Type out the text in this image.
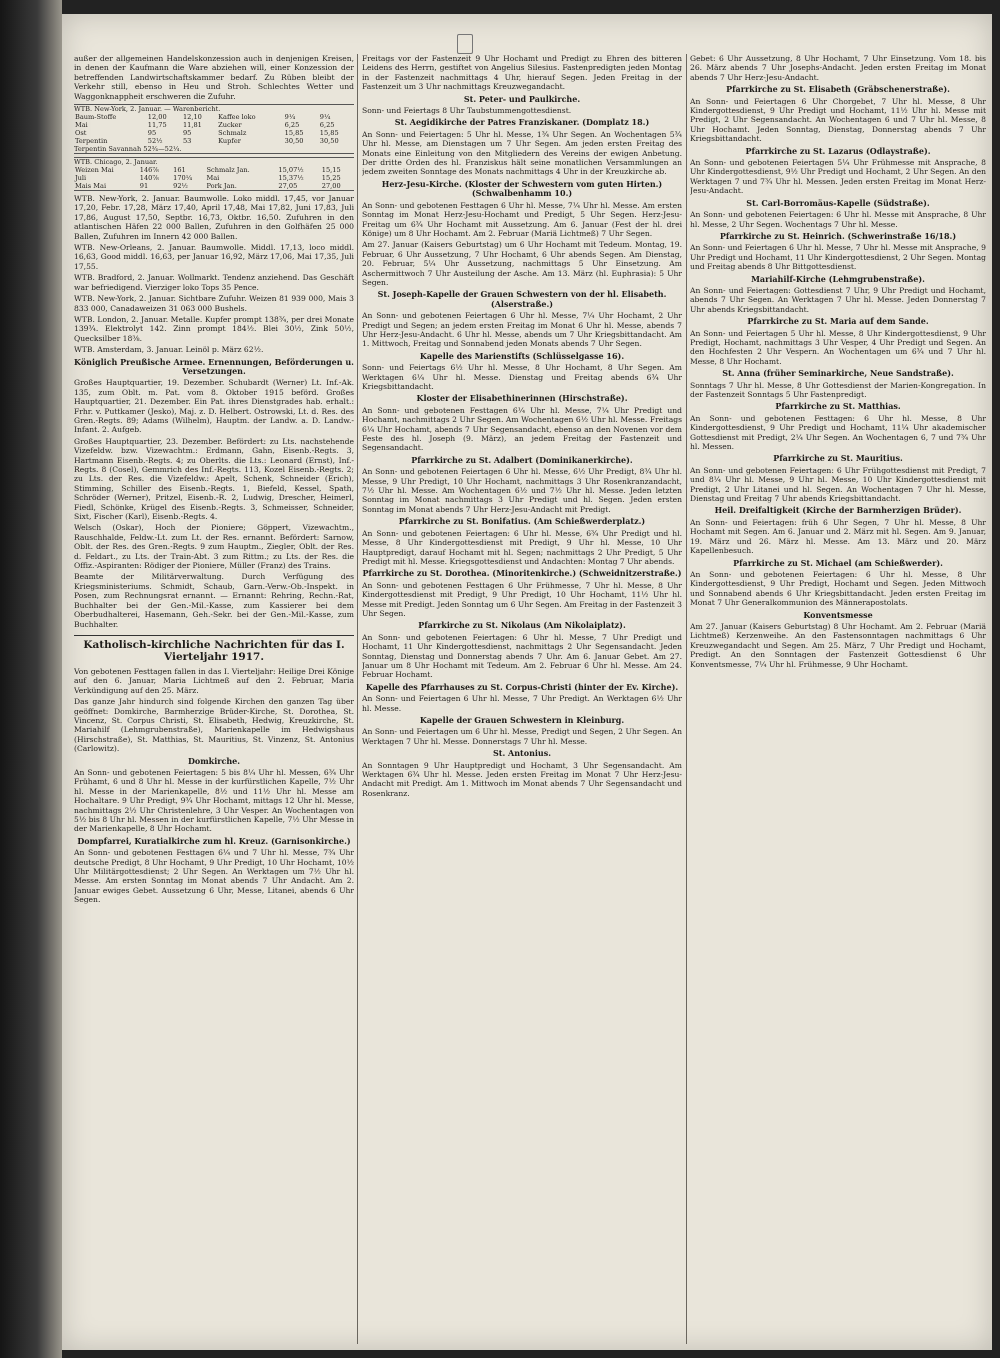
außer der allgemeinen Handelskonzession auch in denjenigen Kreisen, in denen der Kaufmann die Ware abziehen will, einer Konzession der betreffenden Landwirtschaftskammer bedarf. Zu Rüben bleibt der Verkehr still, ebenso in Heu und Stroh. Schlechtes Wetter und Waggonknappheit erschweren die Zufuhr.

WTB. New-York, 2. Januar. — Warenbericht.
Baum-Stoffe	12,00	12,10	Kaffee loko	9¼	9¼
Mai	11,75	11,81	Zucker	6,25	6,25
Ost	95	95	Schmalz	15,85	15,85
Terpentin	52½	53	Kupfer	30,50	30,50
Terpentin Savannah 52¾—52¼.
WTB. Chicago, 2. Januar.
Weizen Mai	146⅞	161	Schmalz Jan.	15,07½	15,15
Juli	140⅞	170¼	Mai	15,37½	15,25
Mais Mai	91	92½	Pork Jan.	27,05	27,00

WTB. New-York, 2. Januar. Baumwolle. Loko middl. 17,45, vor Januar 17,20, Febr. 17,28, März 17,40, April 17,48, Mai 17,82, Juni 17,83, Juli 17,86, August 17,50, Septbr. 16,73, Oktbr. 16,50. Zufuhren in den atlantischen Häfen 22 000 Ballen, Zufuhren in den Golfhäfen 25 000 Ballen, Zufuhren im Innern 42 000 Ballen.

WTB. New-Orleans, 2. Januar. Baumwolle. Middl. 17,13, loco middl. 16,63, Good middl. 16,63, per Januar 16,92, März 17,06, Mai 17,35, Juli 17,55.

WTB. Bradford, 2. Januar. Wollmarkt. Tendenz anziehend. Das Geschäft war befriedigend. Vierziger loko Tops 35 Pence.

WTB. New-York, 2. Januar. Sichtbare Zufuhr. Weizen 81 939 000, Mais 3 833 000, Canadaweizen 31 063 000 Bushels.

WTB. London, 2. Januar. Metalle. Kupfer prompt 138¾, per drei Monate 139¾. Elektrolyt 142. Zinn prompt 184½. Blei 30½, Zink 50½, Quecksilber 18⅜.

WTB. Amsterdam, 3. Januar. Leinöl p. März 62½.

Königlich Preußische Armee. Ernennungen, Beförderungen u. Versetzungen.

Großes Hauptquartier, 19. Dezember. Schubardt (Werner) Lt. Inf.-Ak. 135, zum Oblt. m. Pat. vom 8. Oktober 1915 beförd. Großes Hauptquartier, 21. Dezember. Ein Pat. ihres Dienstgrades hab. erhalt.: Frhr. v. Puttkamer (Jesko), Maj. z. D. Helbert. Ostrowski, Lt. d. Res. des Gren.-Regts. 89; Adams (Wilhelm), Hauptm. der Landw. a. D. Landw.-Infant. 2. Aufgeb.

Großes Hauptquartier, 23. Dezember. Befördert: zu Lts. nachstehende Vizefeldw. bzw. Vizewachtm.: Erdmann, Gahn, Eisenb.-Regts. 3, Hartmann Eisenb.-Regts. 4; zu Oberlts. die Lts.: Leonard (Ernst), Inf.-Regts. 8 (Cosel), Gemmrich des Inf.-Regts. 113, Kozel Eisenb.-Regts. 2; zu Lts. der Res. die Vizefeldw.: Apelt, Schenk, Schneider (Erich), Stimming, Schiller des Eisenb.-Regts. 1, Biefeld, Kessel, Spath, Schröder (Werner), Pritzel, Eisenb.-R. 2, Ludwig, Drescher, Heimerl, Fiedl, Schönke, Krügel des Eisenb.-Regts. 3, Schmeisser, Schneider, Sixt, Fischer (Karl), Eisenb.-Regts. 4.

Welsch (Oskar), Hoch der Pioniere; Göppert, Vizewachtm., Rauschhalde, Feldw.-Lt. zum Lt. der Res. ernannt. Befördert: Sarnow, Oblt. der Res. des Gren.-Regts. 9 zum Hauptm., Ziegler, Oblt. der Res. d. Feldart., zu Lts. der Train-Abt. 3 zum Rittm.; zu Lts. der Res. die Offiz.-Aspiranten: Rödiger der Pioniere, Müller (Franz) des Trains.

Beamte der Militärverwaltung. Durch Verfügung des Kriegsministeriums. Schmidt, Schaub, Garn.-Verw.-Ob.-Inspekt. in Posen, zum Rechnungsrat ernannt. — Ernannt: Rehring, Rechn.-Rat, Buchhalter bei der Gen.-Mil.-Kasse, zum Kassierer bei dem Oberbudhalterei, Hasemann, Geh.-Sekr. bei der Gen.-Mil.-Kasse, zum Buchhalter.

Katholisch-kirchliche Nachrichten für das I. Vierteljahr 1917.

Von gebotenen Festtagen fallen in das I. Vierteljahr: Heilige Drei Könige auf den 6. Januar, Maria Lichtmeß auf den 2. Februar, Maria Verkündigung auf den 25. März.

Das ganze Jahr hindurch sind folgende Kirchen den ganzen Tag über geöffnet: Domkirche, Barmherzige Brüder-Kirche, St. Dorothea, St. Vincenz, St. Corpus Christi, St. Elisabeth, Hedwig, Kreuzkirche, St. Mariahilf (Lehmgrubenstraße), Marienkapelle im Hedwigshaus (Hirschstraße), St. Matthias, St. Mauritius, St. Vinzenz, St. Antonius (Carlowitz).

Domkirche.

An Sonn- und gebotenen Feiertagen: 5 bis 8¼ Uhr hl. Messen, 6¾ Uhr Frühamt, 6 und 8 Uhr hl. Messe in der kurfürstlichen Kapelle, 7½ Uhr hl. Messe in der Marienkapelle, 8½ und 11½ Uhr hl. Messe am Hochaltare. 9 Uhr Predigt, 9¾ Uhr Hochamt, mittags 12 Uhr hl. Messe, nachmittags 2½ Uhr Christenlehre, 3 Uhr Vesper. An Wochentagen von 5½ bis 8 Uhr hl. Messen in der kurfürstlichen Kapelle, 7½ Uhr Messe in der Marienkapelle, 8 Uhr Hochamt.

Dompfarrei, Kuratialkirche zum hl. Kreuz. (Garnisonkirche.)

An Sonn- und gebotenen Festtagen 6¼ und 7 Uhr hl. Messe, 7¾ Uhr deutsche Predigt, 8 Uhr Hochamt, 9 Uhr Predigt, 10 Uhr Hochamt, 10½ Uhr Militärgottesdienst; 2 Uhr Segen. An Werktagen um 7½ Uhr hl. Messe. Am ersten Sonntag im Monat abends 7 Uhr Andacht. Am 2. Januar ewiges Gebet. Aussetzung 6 Uhr, Messe, Litanei, abends 6 Uhr Segen.

Freitags vor der Fastenzeit 9 Uhr Hochamt und Predigt zu Ehren des bitteren Leidens des Herrn, gestiftet von Angelius Silesius. Fastenpredigten jeden Montag in der Fastenzeit nachmittags 4 Uhr, hierauf Segen. Jeden Freitag in der Fastenzeit um 3 Uhr nachmittags Kreuzwegandacht.

St. Peter- und Paulkirche.

Sonn- und Feiertags 8 Uhr Taubstummengottesdienst.

St. Aegidikirche der Patres Franziskaner. (Domplatz 18.)

An Sonn- und Feiertagen: 5 Uhr hl. Messe, 1¾ Uhr Segen. An Wochentagen 5¾ Uhr hl. Messe, am Dienstagen um 7 Uhr Segen. Am jeden ersten Freitag des Monats eine Einleitung von den Mitgliedern des Vereins der ewigen Anbetung. Der dritte Orden des hl. Franziskus hält seine monatlichen Versammlungen an jedem zweiten Sonntage des Monats nachmittags 4 Uhr in der Kreuzkirche ab.

Herz-Jesu-Kirche. (Kloster der Schwestern vom guten Hirten.) (Schwalbenhamm 10.)

An Sonn- und gebotenen Festtagen 6 Uhr hl. Messe, 7¼ Uhr hl. Messe. Am ersten Sonntag im Monat Herz-Jesu-Hochamt und Predigt, 5 Uhr Segen. Herz-Jesu-Freitag um 6¾ Uhr Hochamt mit Aussetzung. Am 6. Januar (Fest der hl. drei Könige) um 8 Uhr Hochamt. Am 2. Februar (Mariä Lichtmeß) 7 Uhr Segen.

Am 27. Januar (Kaisers Geburtstag) um 6 Uhr Hochamt mit Tedeum. Montag, 19. Februar, 6 Uhr Aussetzung, 7 Uhr Hochamt, 6 Uhr abends Segen. Am Dienstag, 20. Februar, 5¼ Uhr Aussetzung, nachmittags 5 Uhr Einsetzung. Am Aschermittwoch 7 Uhr Austeilung der Asche. Am 13. März (hl. Euphrasia): 5 Uhr Segen.

St. Joseph-Kapelle der Grauen Schwestern von der hl. Elisabeth. (Alserstraße.)

An Sonn- und gebotenen Feiertagen 6 Uhr hl. Messe, 7¼ Uhr Hochamt, 2 Uhr Predigt und Segen; an jedem ersten Freitag im Monat 6 Uhr hl. Messe, abends 7 Uhr Herz-Jesu-Andacht. 6 Uhr hl. Messe, abends um 7 Uhr Kriegsbittandacht. Am 1. Mittwoch, Freitag und Sonnabend jeden Monats abends 7 Uhr Segen.

Kapelle des Marienstifts (Schlüsselgasse 16).

Sonn- und Feiertags 6½ Uhr hl. Messe, 8 Uhr Hochamt, 8 Uhr Segen. Am Werktagen 6¼ Uhr hl. Messe. Dienstag und Freitag abends 6¾ Uhr Kriegsbittandacht.

Kloster der Elisabethinerinnen (Hirschstraße).

An Sonn- und gebotenen Festtagen 6¼ Uhr hl. Messe, 7¼ Uhr Predigt und Hochamt, nachmittags 2 Uhr Segen. Am Wochentagen 6½ Uhr hl. Messe. Freitags 6¼ Uhr Hochamt, abends 7 Uhr Segensandacht, ebenso an den Novenen vor dem Feste des hl. Joseph (9. März), an jedem Freitag der Fastenzeit und Segensandacht.

Pfarrkirche zu St. Adalbert (Dominikanerkirche).

An Sonn- und gebotenen Feiertagen 6 Uhr hl. Messe, 6½ Uhr Predigt, 8¾ Uhr hl. Messe, 9 Uhr Predigt, 10 Uhr Hochamt, nachmittags 3 Uhr Rosenkranzandacht, 7½ Uhr hl. Messe. Am Wochentagen 6½ und 7½ Uhr hl. Messe. Jeden letzten Sonntag im Monat nachmittags 3 Uhr Predigt und hl. Segen. Jeden ersten Sonntag im Monat abends 7 Uhr Herz-Jesu-Andacht mit Predigt.

Pfarrkirche zu St. Bonifatius. (Am Schießwerderplatz.)

An Sonn- und gebotenen Feiertagen: 6 Uhr hl. Messe, 6¾ Uhr Predigt und hl. Messe, 8 Uhr Kindergottesdienst mit Predigt, 9 Uhr hl. Messe, 10 Uhr Hauptpredigt, darauf Hochamt mit hl. Segen; nachmittags 2 Uhr Predigt, 5 Uhr Predigt mit hl. Messe. Kriegsgottesdienst und Andachten: Montag 7 Uhr abends.

Pfarrkirche zu St. Dorothea. (Minoritenkirche.) (Schweidnitzerstraße.)

An Sonn- und gebotenen Festtagen 6 Uhr Frühmesse, 7 Uhr hl. Messe, 8 Uhr Kindergottesdienst mit Predigt, 9 Uhr Predigt, 10 Uhr Hochamt, 11½ Uhr hl. Messe mit Predigt. Jeden Sonntag um 6 Uhr Segen. Am Freitag in der Fastenzeit 3 Uhr Segen.

Pfarrkirche zu St. Nikolaus (Am Nikolaiplatz).

An Sonn- und gebotenen Feiertagen: 6 Uhr hl. Messe, 7 Uhr Predigt und Hochamt, 11 Uhr Kindergottesdienst, nachmittags 2 Uhr Segensandacht. Jeden Sonntag, Dienstag und Donnerstag abends 7 Uhr. Am 6. Januar Gebet. Am 27. Januar um 8 Uhr Hochamt mit Tedeum. Am 2. Februar 6 Uhr hl. Messe. Am 24. Februar Hochamt.

Kapelle des Pfarrhauses zu St. Corpus-Christi (hinter der Ev. Kirche).

An Sonn- und Feiertagen 6 Uhr hl. Messe, 7 Uhr Predigt. An Werktagen 6½ Uhr hl. Messe.

Kapelle der Grauen Schwestern in Kleinburg.

An Sonn- und Feiertagen um 6 Uhr hl. Messe, Predigt und Segen, 2 Uhr Segen. An Werktagen 7 Uhr hl. Messe. Donnerstags 7 Uhr hl. Messe.

St. Antonius.

An Sonntagen 9 Uhr Hauptpredigt und Hochamt, 3 Uhr Segensandacht. Am Werktagen 6¾ Uhr hl. Messe. Jeden ersten Freitag im Monat 7 Uhr Herz-Jesu-Andacht mit Predigt. Am 1. Mittwoch im Monat abends 7 Uhr Segensandacht und Rosenkranz.

Gebet: 6 Uhr Aussetzung, 8 Uhr Hochamt, 7 Uhr Einsetzung. Vom 18. bis 26. März abends 7 Uhr Josephs-Andacht. Jeden ersten Freitag im Monat abends 7 Uhr Herz-Jesu-Andacht.

Pfarrkirche zu St. Elisabeth (Gräbschenerstraße).

An Sonn- und Feiertagen 6 Uhr Chorgebet, 7 Uhr hl. Messe, 8 Uhr Kindergottesdienst, 9 Uhr Predigt und Hochamt, 11½ Uhr hl. Messe mit Predigt, 2 Uhr Segensandacht. An Wochentagen 6 und 7 Uhr hl. Messe, 8 Uhr Hochamt. Jeden Sonntag, Dienstag, Donnerstag abends 7 Uhr Kriegsbittandacht.

Pfarrkirche zu St. Lazarus (Odlaystraße).

An Sonn- und gebotenen Feiertagen 5¼ Uhr Frühmesse mit Ansprache, 8 Uhr Kindergottesdienst, 9½ Uhr Predigt und Hochamt, 2 Uhr Segen. An den Werktagen 7 und 7¾ Uhr hl. Messen. Jeden ersten Freitag im Monat Herz-Jesu-Andacht.

St. Carl-Borromäus-Kapelle (Südstraße).

An Sonn- und gebotenen Feiertagen: 6 Uhr hl. Messe mit Ansprache, 8 Uhr hl. Messe, 2 Uhr Segen. Wochentags 7 Uhr hl. Messe.

Pfarrkirche zu St. Heinrich. (Schwerinstraße 16/18.)

An Sonn- und Feiertagen 6 Uhr hl. Messe, 7 Uhr hl. Messe mit Ansprache, 9 Uhr Predigt und Hochamt, 11 Uhr Kindergottesdienst, 2 Uhr Segen. Montag und Freitag abends 8 Uhr Bittgottesdienst.

Mariahilf-Kirche (Lehmgrubenstraße).

An Sonn- und Feiertagen: Gottesdienst 7 Uhr, 9 Uhr Predigt und Hochamt, abends 7 Uhr Segen. An Werktagen 7 Uhr hl. Messe. Jeden Donnerstag 7 Uhr abends Kriegsbittandacht.

Pfarrkirche zu St. Maria auf dem Sande.

An Sonn- und Feiertagen 5 Uhr hl. Messe, 8 Uhr Kindergottesdienst, 9 Uhr Predigt, Hochamt, nachmittags 3 Uhr Vesper, 4 Uhr Predigt und Segen. An den Hochfesten 2 Uhr Vespern. An Wochentagen um 6¾ und 7 Uhr hl. Messe, 8 Uhr Hochamt.

St. Anna (früher Seminarkirche, Neue Sandstraße).

Sonntags 7 Uhr hl. Messe, 8 Uhr Gottesdienst der Marien-Kongregation. In der Fastenzeit Sonntags 5 Uhr Fastenpredigt.

Pfarrkirche zu St. Matthias.

An Sonn- und gebotenen Festtagen: 6 Uhr hl. Messe, 8 Uhr Kindergottesdienst, 9 Uhr Predigt und Hochamt, 11¼ Uhr akademischer Gottesdienst mit Predigt, 2¼ Uhr Segen. An Wochentagen 6, 7 und 7¾ Uhr hl. Messen.

Pfarrkirche zu St. Mauritius.

An Sonn- und gebotenen Feiertagen: 6 Uhr Frühgottesdienst mit Predigt, 7 und 8¼ Uhr hl. Messe, 9 Uhr hl. Messe, 10 Uhr Kindergottesdienst mit Predigt, 2 Uhr Litanei und hl. Segen. An Wochentagen 7 Uhr hl. Messe, Dienstag und Freitag 7 Uhr abends Kriegsbittandacht.

Heil. Dreifaltigkeit (Kirche der Barmherzigen Brüder).

An Sonn- und Feiertagen: früh 6 Uhr Segen, 7 Uhr hl. Messe, 8 Uhr Hochamt mit Segen. Am 6. Januar und 2. März mit hl. Segen. Am 9. Januar, 19. März und 26. März hl. Messe. Am 13. März und 20. März Kapellenbesuch.

Pfarrkirche zu St. Michael (am Schießwerder).

An Sonn- und gebotenen Feiertagen: 6 Uhr hl. Messe, 8 Uhr Kindergottesdienst, 9 Uhr Predigt, Hochamt und Segen. Jeden Mittwoch und Sonnabend abends 6 Uhr Kriegsbittandacht. Jeden ersten Freitag im Monat 7 Uhr Generalkommunion des Männerapostolats.

Konventsmesse

Am 27. Januar (Kaisers Geburtstag) 8 Uhr Hochamt. Am 2. Februar (Mariä Lichtmeß) Kerzenweihe. An den Fastensonntagen nachmittags 6 Uhr Kreuzwegandacht und Segen. Am 25. März, 7 Uhr Predigt und Hochamt, Predigt. An den Sonntagen der Fastenzeit Gottesdienst 6 Uhr Konventsmesse, 7¼ Uhr hl. Frühmesse, 9 Uhr Hochamt.
